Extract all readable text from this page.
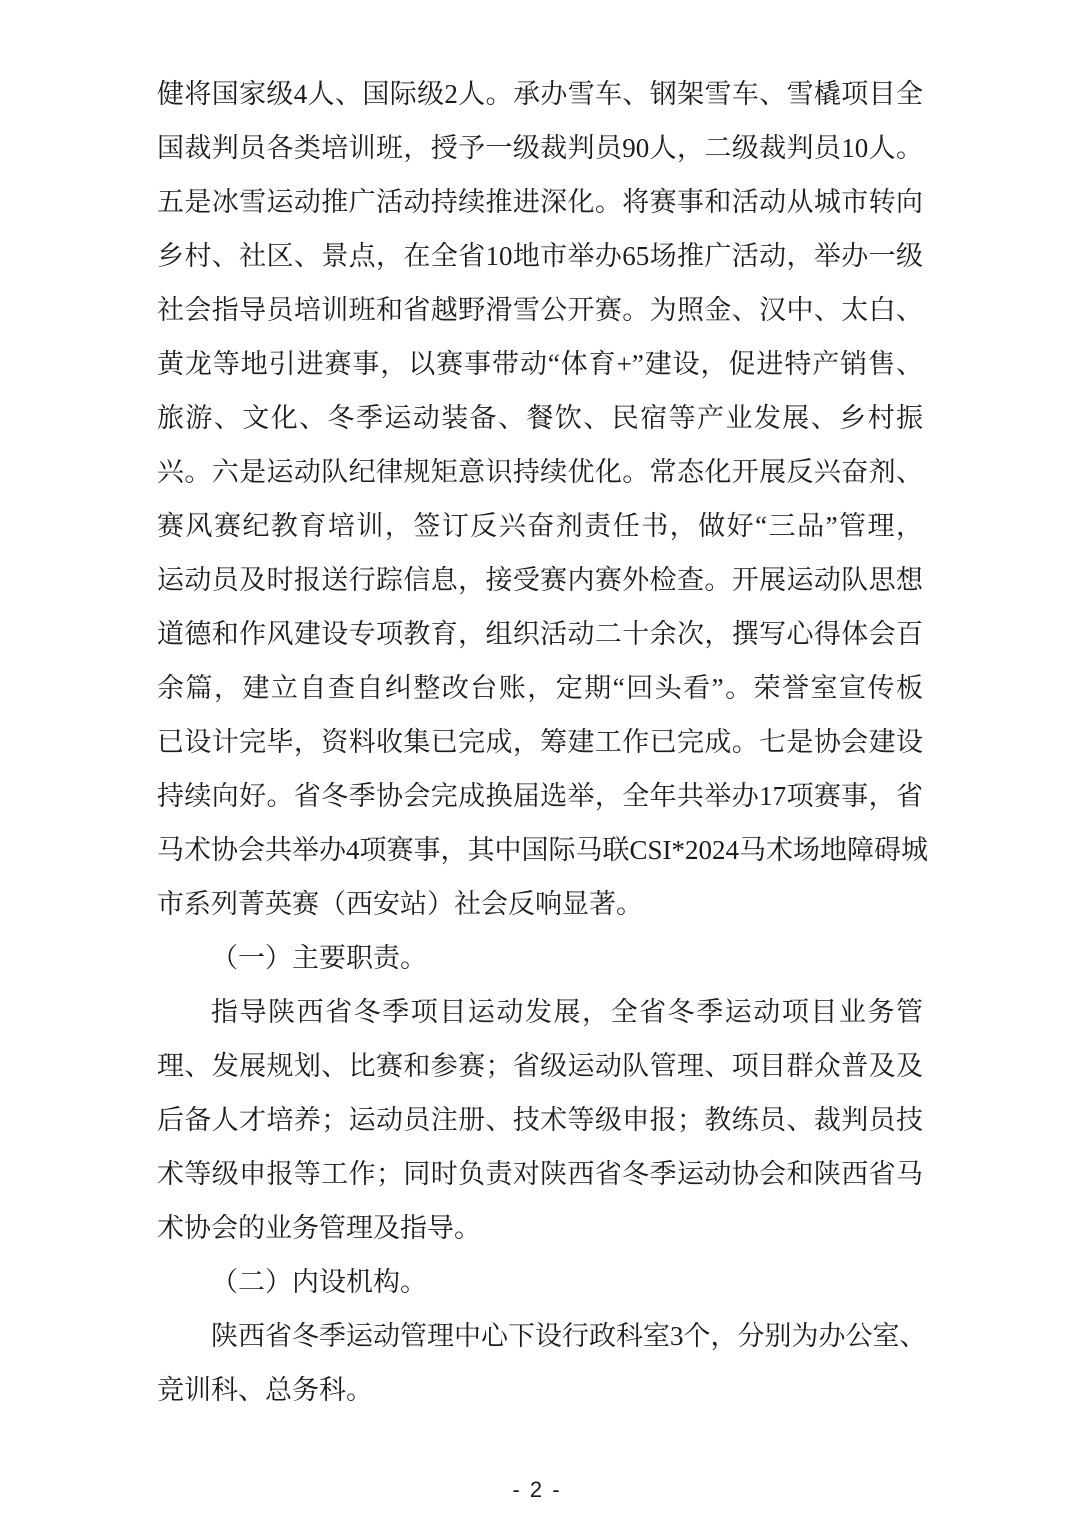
健将国家级4人、国际级2人。承办雪车、钢架雪车、雪橇项目全
国裁判员各类培训班，授予一级裁判员90人，二级裁判员10人。
五是冰雪运动推广活动持续推进深化。将赛事和活动从城市转向
乡村、社区、景点，在全省10地市举办65场推广活动，举办一级
社会指导员培训班和省越野滑雪公开赛。为照金、汉中、太白、
黄龙等地引进赛事，以赛事带动“体育+”建设，促进特产销售、
旅游、文化、冬季运动装备、餐饮、民宿等产业发展、乡村振
兴。六是运动队纪律规矩意识持续优化。常态化开展反兴奋剂、
赛风赛纪教育培训，签订反兴奋剂责任书，做好“三品”管理，
运动员及时报送行踪信息，接受赛内赛外检查。开展运动队思想
道德和作风建设专项教育，组织活动二十余次，撰写心得体会百
余篇，建立自查自纠整改台账，定期“回头看”。荣誉室宣传板
已设计完毕，资料收集已完成，筹建工作已完成。七是协会建设
持续向好。省冬季协会完成换届选举，全年共举办17项赛事，省
马术协会共举办4项赛事，其中国际马联CSI*2024马术场地障碍城
市系列菁英赛（西安站）社会反响显著。
（一）主要职责。
指导陕西省冬季项目运动发展，全省冬季运动项目业务管
理、发展规划、比赛和参赛；省级运动队管理、项目群众普及及
后备人才培养；运动员注册、技术等级申报；教练员、裁判员技
术等级申报等工作；同时负责对陕西省冬季运动协会和陕西省马
术协会的业务管理及指导。
（二）内设机构。
陕西省冬季运动管理中心下设行政科室3个，分别为办公室、
竞训科、总务科。
- 2 -
